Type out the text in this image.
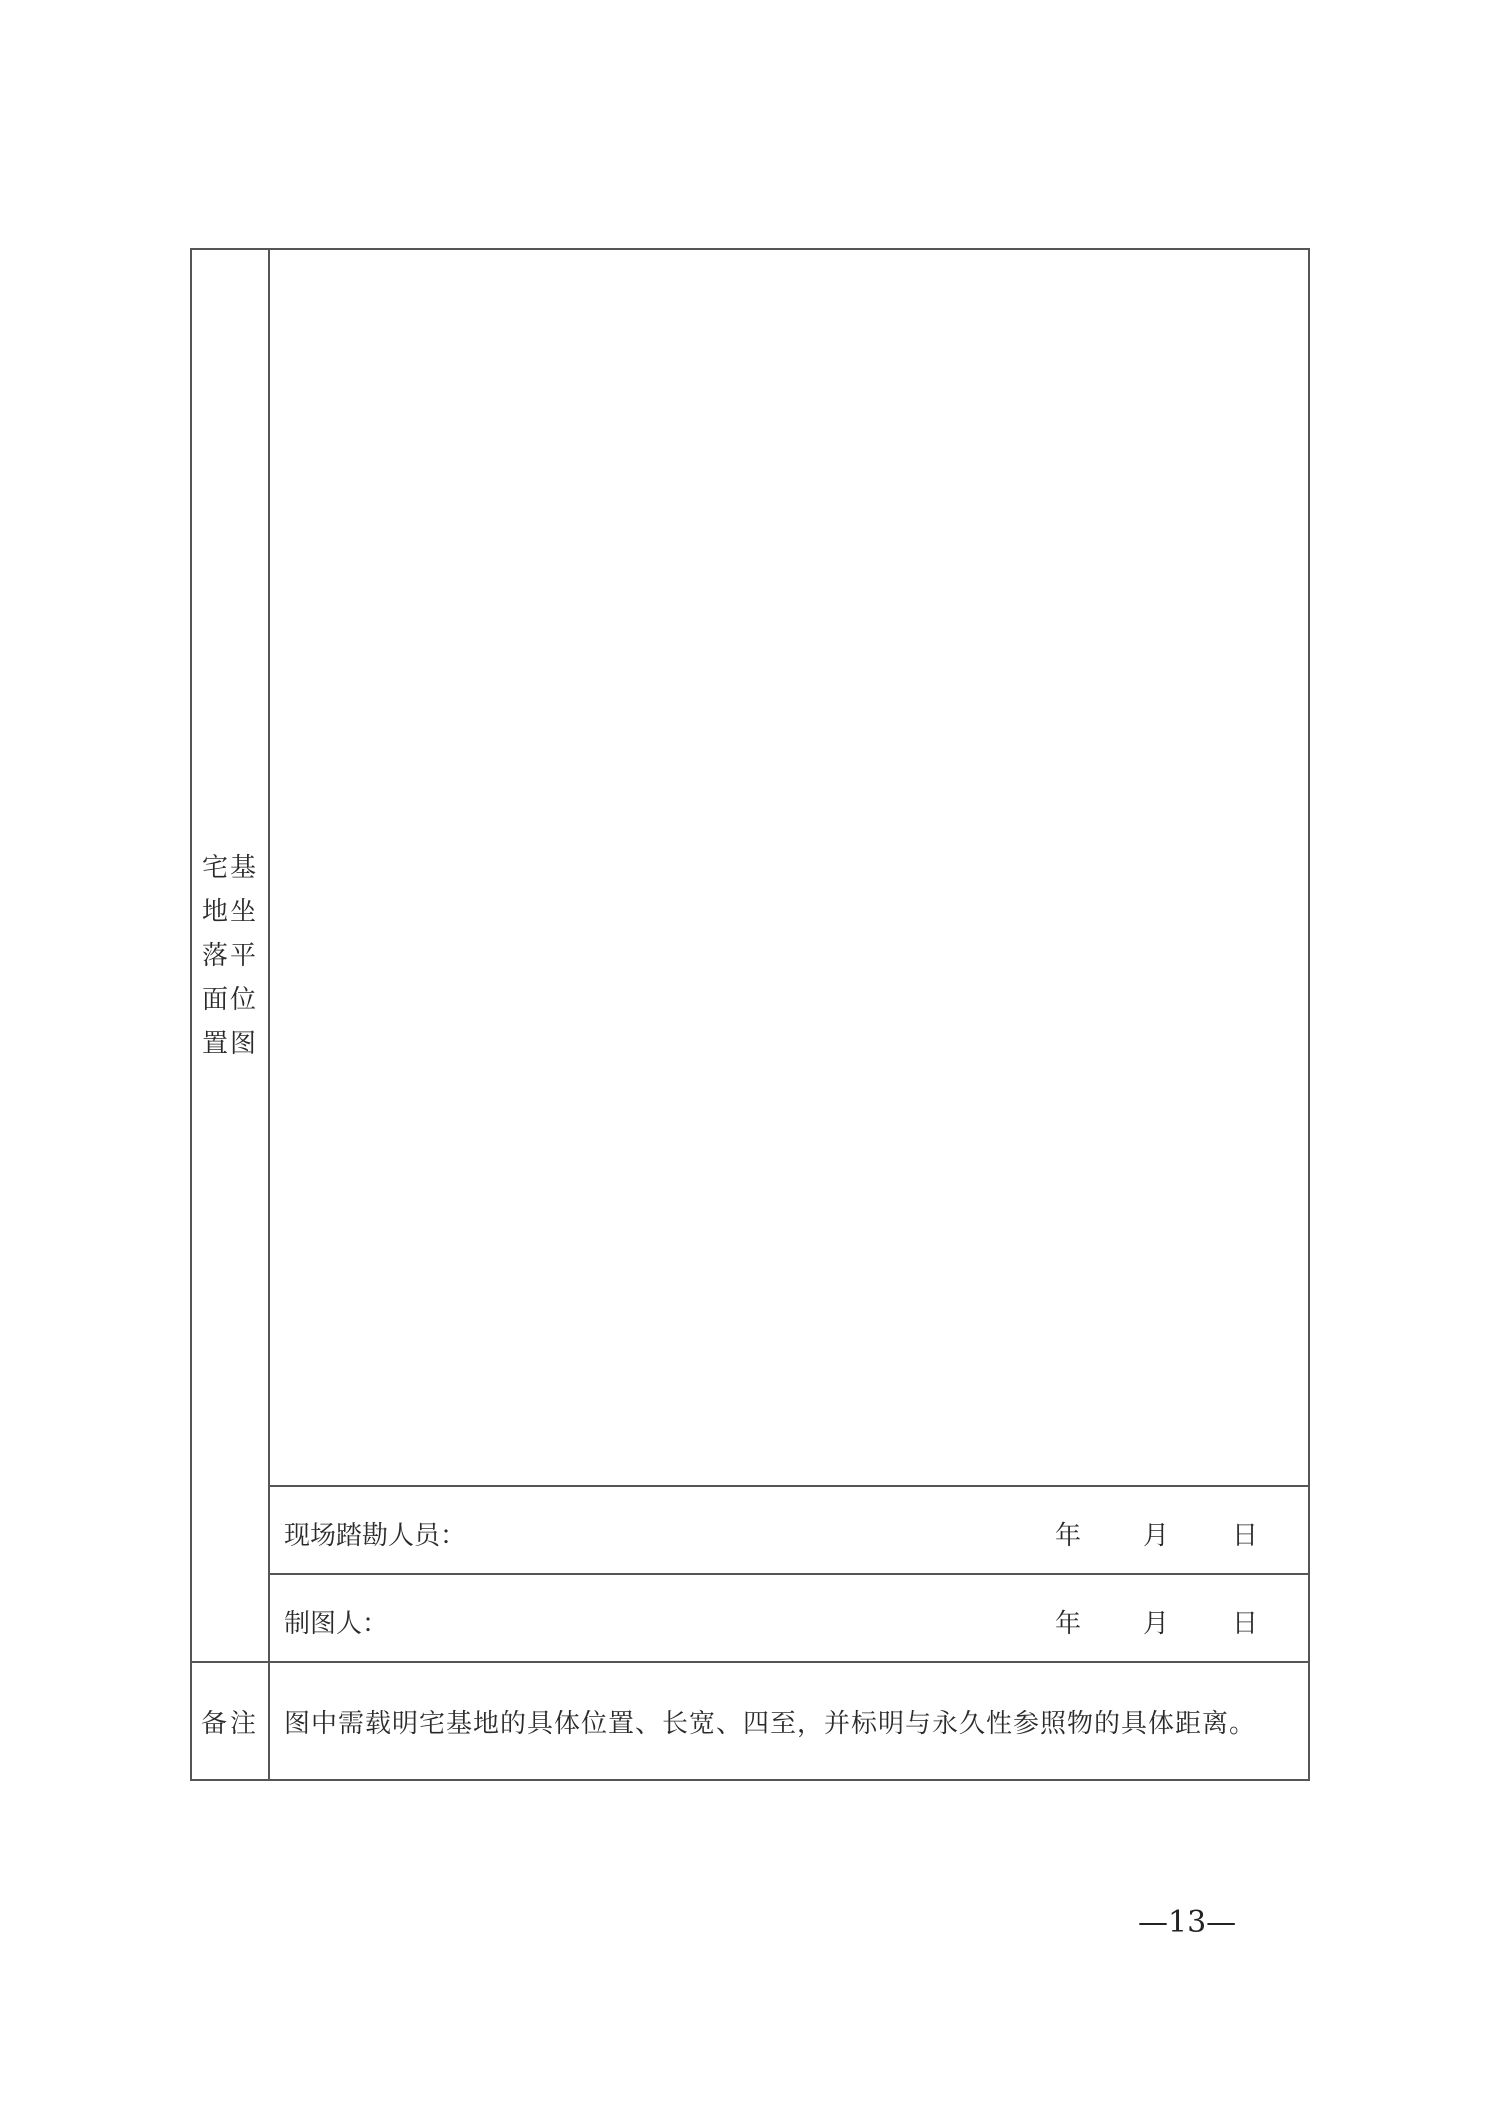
宅基地坐落平面位置图	

	现场踏勘人员： 年 月 日

	制图人： 年 月 日

备注	图中需载明宅基地的具体位置、长宽、四至，并标明与永久性参照物的具体距离。
—13—
